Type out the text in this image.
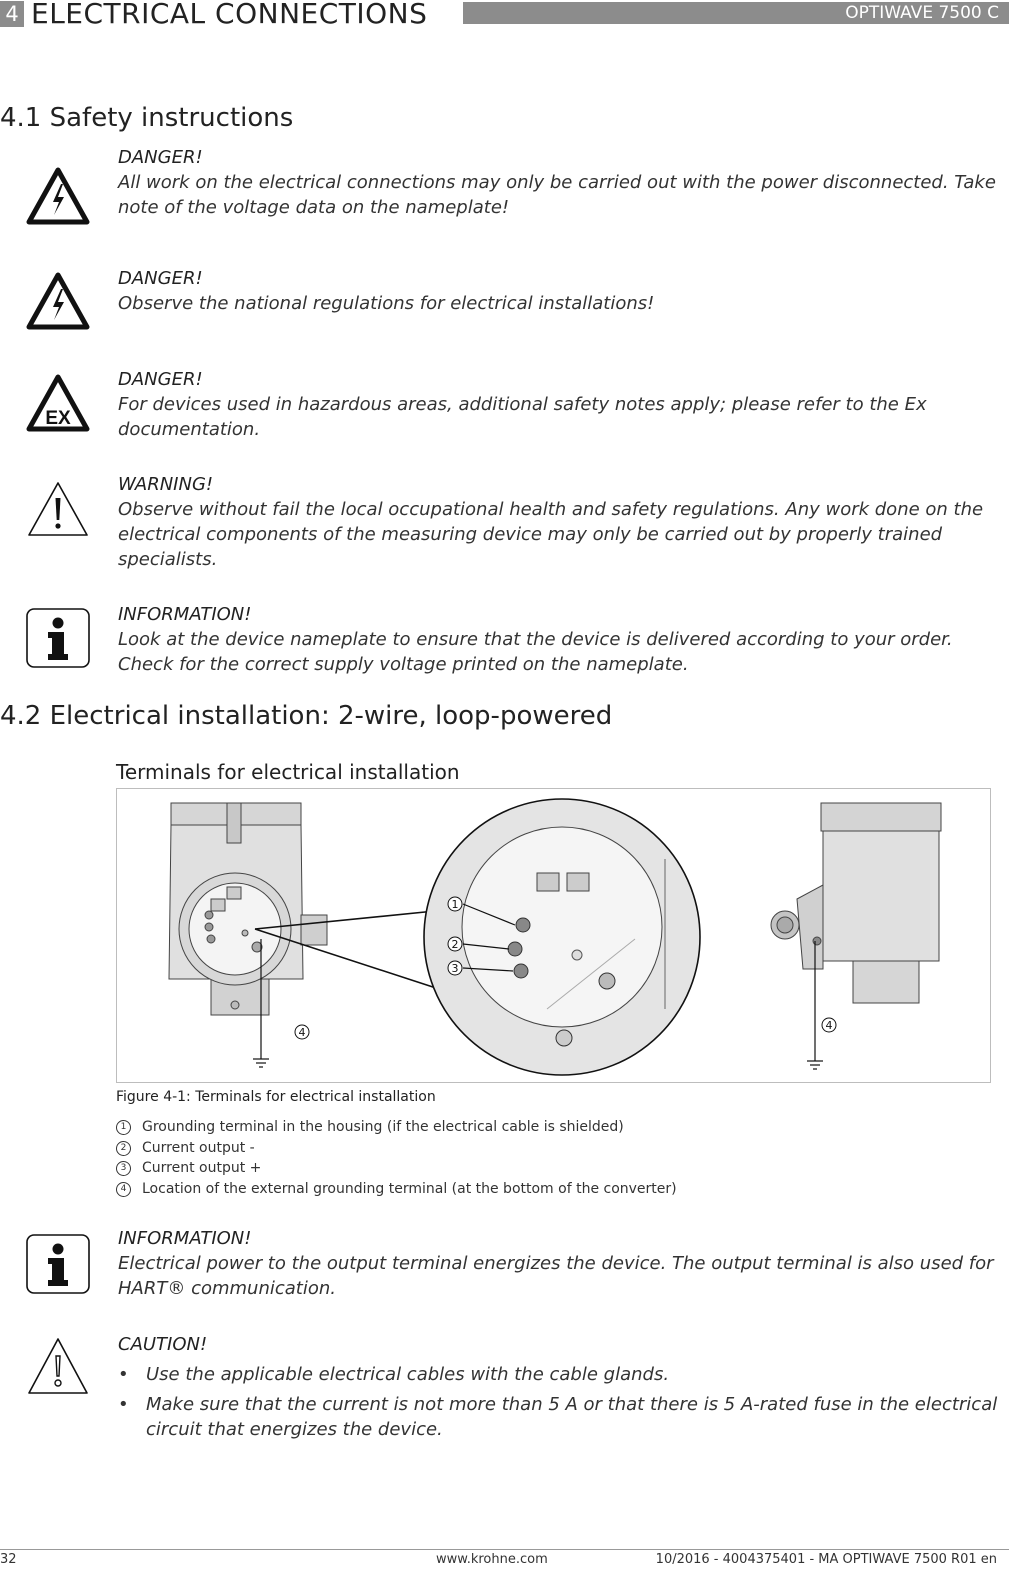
4 ELECTRICAL CONNECTIONS	OPTIWAVE 7500 C
4.1 Safety instructions
DANGER!
All work on the electrical connections may only be carried out with the power disconnected. Take note of the voltage data on the nameplate!
DANGER!
Observe the national regulations for electrical installations!
EX
DANGER!
For devices used in hazardous areas, additional safety notes apply; please refer to the Ex documentation.
WARNING!
Observe without fail the local occupational health and safety regulations. Any work done on the electrical components of the measuring device may only be carried out by properly trained specialists.
INFORMATION!
Look at the device nameplate to ensure that the device is delivered according to your order. Check for the correct supply voltage printed on the nameplate.
4.2 Electrical installation: 2-wire, loop-powered
Terminals for electrical installation
1
2
3
4
4
Figure 4-1: Terminals for electrical installation
1	Grounding terminal in the housing (if the electrical cable is shielded)
2	Current output -
3	Current output +
4	Location of the external grounding terminal (at the bottom of the converter)
INFORMATION!
Electrical power to the output terminal energizes the device. The output terminal is also used for HART® communication.
CAUTION!
• Use the applicable electrical cables with the cable glands.
• Make sure that the current is not more than 5 A or that there is 5 A-rated fuse in the electrical circuit that energizes the device.
32	www.krohne.com	10/2016 - 4004375401 - MA OPTIWAVE 7500 R01 en
